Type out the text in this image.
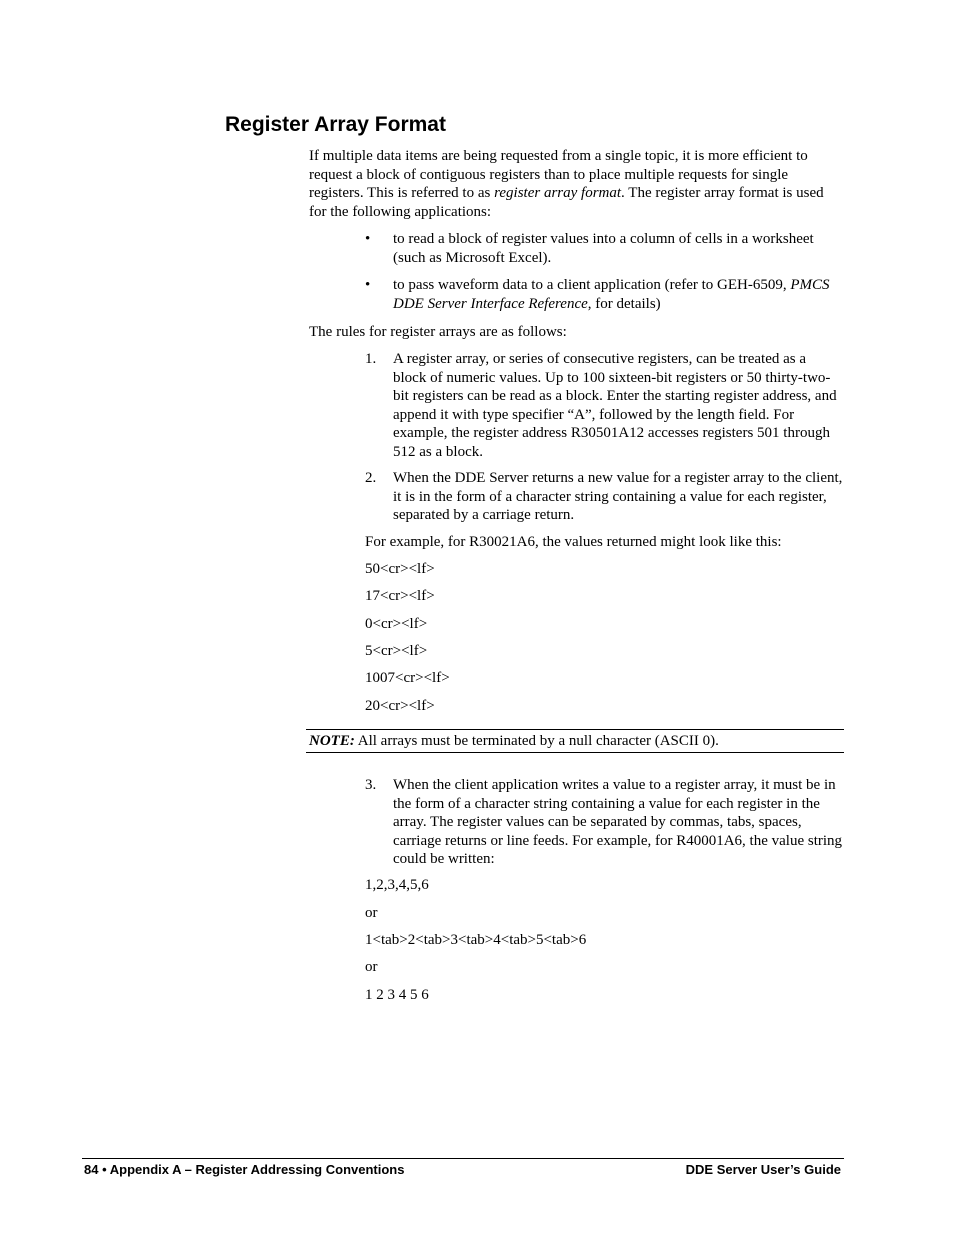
Register Array Format

If multiple data items are being requested from a single topic, it is more efficient to request a block of contiguous registers than to place multiple requests for single registers. This is referred to as register array format. The register array format is used for the following applications:

• to read a block of register values into a column of cells in a worksheet (such as Microsoft Excel).
• to pass waveform data to a client application (refer to GEH-6509, PMCS DDE Server Interface Reference, for details)

The rules for register arrays are as follows:

1. A register array, or series of consecutive registers, can be treated as a block of numeric values. Up to 100 sixteen-bit registers or 50 thirty-two-bit registers can be read as a block. Enter the starting register address, and append it with type specifier “A”, followed by the length field. For example, the register address R30501A12 accesses registers 501 through 512 as a block.
2. When the DDE Server returns a new value for a register array to the client, it is in the form of a character string containing a value for each register, separated by a carriage return.

For example, for R30021A6, the values returned might look like this:

50<cr><lf>

17<cr><lf>

0<cr><lf>

5<cr><lf>

1007<cr><lf>

20<cr><lf>

NOTE: All arrays must be terminated by a null character (ASCII 0).

3. When the client application writes a value to a register array, it must be in the form of a character string containing a value for each register in the array. The register values can be separated by commas, tabs, spaces, carriage returns or line feeds. For example, for R40001A6, the value string could be written:

1,2,3,4,5,6

or

1<tab>2<tab>3<tab>4<tab>5<tab>6

or

1 2 3 4 5 6

84 • Appendix A – Register Addressing Conventions	DDE Server User’s Guide
